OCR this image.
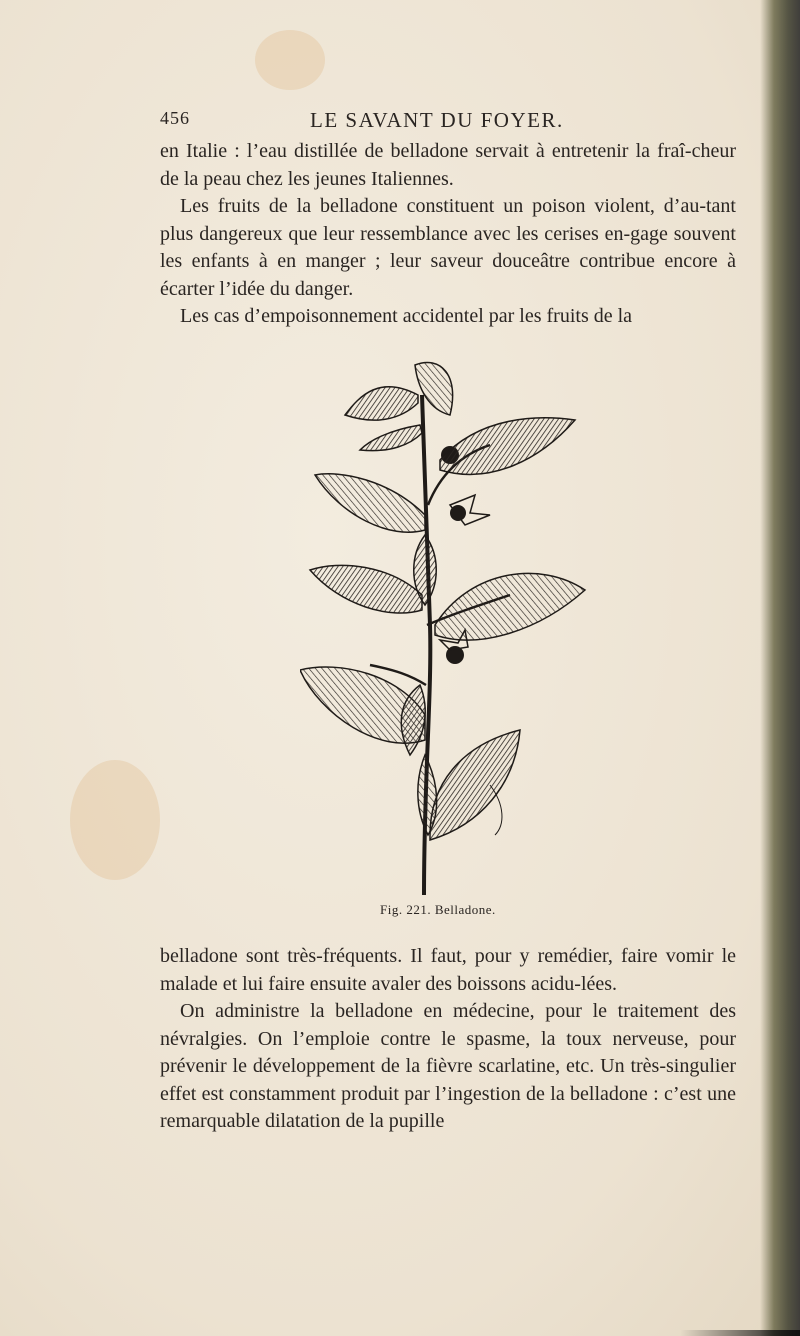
456	LE SAVANT DU FOYER.

en Italie : l’eau distillée de belladone servait à entretenir la fraî-cheur de la peau chez les jeunes Italiennes.

Les fruits de la belladone constituent un poison violent, d’au-tant plus dangereux que leur ressemblance avec les cerises en-gage souvent les enfants à en manger ; leur saveur douceâtre contribue encore à écarter l’idée du danger.

Les cas d’empoisonnement accidentel par les fruits de la

Fig. 221. Belladone.

belladone sont très-fréquents. Il faut, pour y remédier, faire vomir le malade et lui faire ensuite avaler des boissons acidu-lées.

On administre la belladone en médecine, pour le traitement des névralgies. On l’emploie contre le spasme, la toux nerveuse, pour prévenir le développement de la fièvre scarlatine, etc. Un très-singulier effet est constamment produit par l’ingestion de la belladone : c’est une remarquable dilatation de la pupille
